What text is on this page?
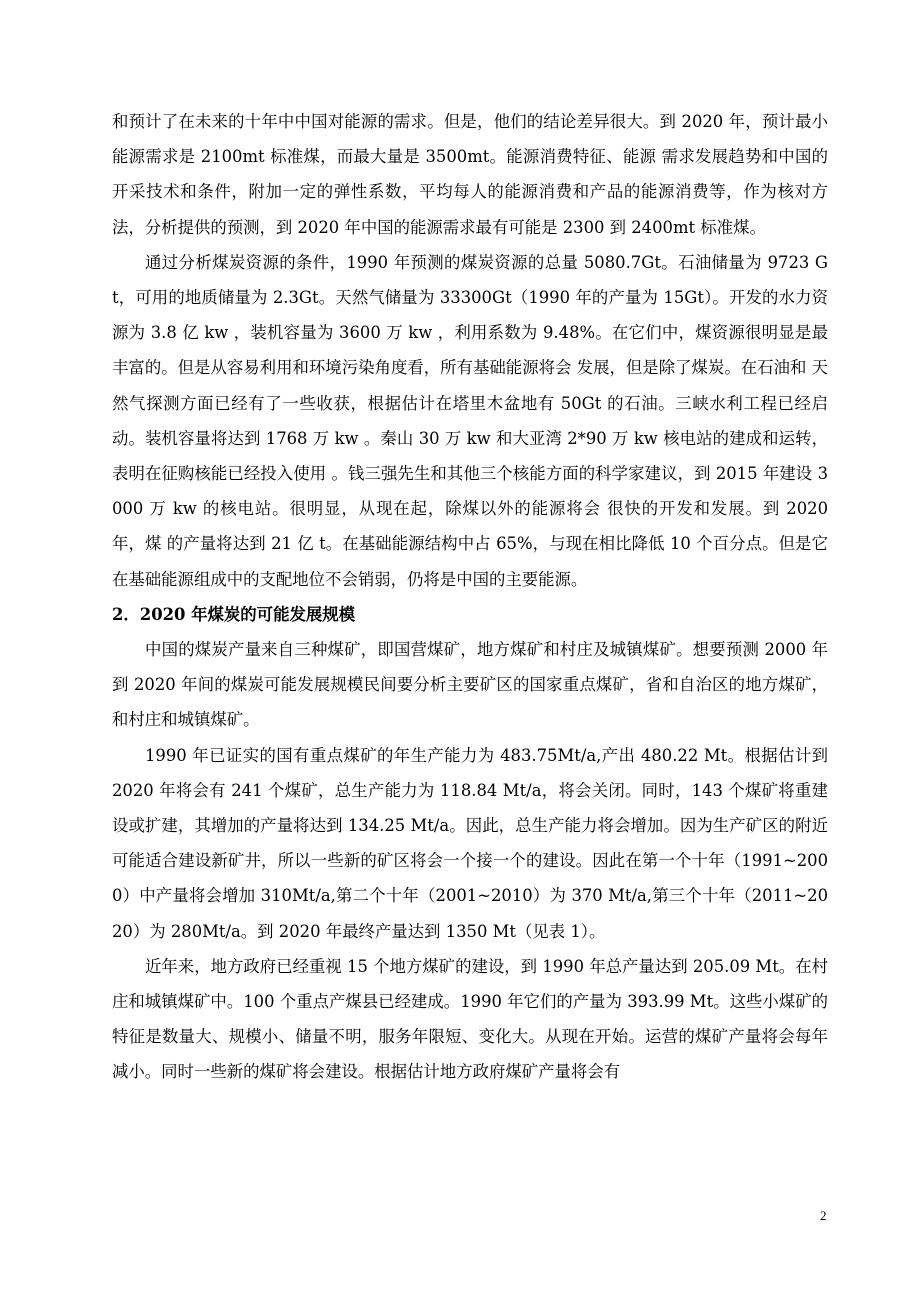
和预计了在未来的十年中中国对能源的需求。但是，他们的结论差异很大。到 2020 年，预计最小能源需求是 2100mt 标准煤，而最大量是 3500mt。能源消费特征、能源 需求发展趋势和中国的开采技术和条件，附加一定的弹性系数，平均每人的能源消费和产品的能源消费等，作为核对方法，分析提供的预测，到 2020 年中国的能源需求最有可能是 2300 到 2400mt 标准煤。

通过分析煤炭资源的条件，1990 年预测的煤炭资源的总量 5080.7Gt。石油储量为 9723 Gt，可用的地质储量为 2.3Gt。天然气储量为 33300Gt（1990 年的产量为 15Gt）。开发的水力资源为 3.8 亿 kw ，装机容量为 3600 万 kw ，利用系数为 9.48%。在它们中，煤资源很明显是最丰富的。但是从容易利用和环境污染角度看，所有基础能源将会 发展，但是除了煤炭。在石油和 天然气探测方面已经有了一些收获，根据估计在塔里木盆地有 50Gt 的石油。三峡水利工程已经启动。装机容量将达到 1768 万 kw 。秦山 30 万 kw 和大亚湾 2*90 万 kw 核电站的建成和运转，表明在征购核能已经投入使用 。钱三强先生和其他三个核能方面的科学家建议，到 2015 年建设 3000 万 kw 的核电站。很明显，从现在起，除煤以外的能源将会 很快的开发和发展。到 2020 年，煤 的产量将达到 21 亿 t。在基础能源结构中占 65%，与现在相比降低 10 个百分点。但是它在基础能源组成中的支配地位不会销弱，仍将是中国的主要能源。

2．2020 年煤炭的可能发展规模

中国的煤炭产量来自三种煤矿，即国营煤矿，地方煤矿和村庄及城镇煤矿。想要预测 2000 年到 2020 年间的煤炭可能发展规模民间要分析主要矿区的国家重点煤矿，省和自治区的地方煤矿，和村庄和城镇煤矿。

1990 年已证实的国有重点煤矿的年生产能力为 483.75Mt/a,产出 480.22 Mt。根据估计到 2020 年将会有 241 个煤矿，总生产能力为 118.84 Mt/a，将会关闭。同时，143 个煤矿将重建设或扩建，其增加的产量将达到 134.25 Mt/a。因此，总生产能力将会增加。因为生产矿区的附近可能适合建设新矿井，所以一些新的矿区将会一个接一个的建设。因此在第一个十年（1991~2000）中产量将会增加 310Mt/a,第二个十年（2001~2010）为 370 Mt/a,第三个十年（2011~2020）为 280Mt/a。到 2020 年最终产量达到 1350 Mt（见表 1）。

近年来，地方政府已经重视 15 个地方煤矿的建设，到 1990 年总产量达到 205.09 Mt。在村庄和城镇煤矿中。100 个重点产煤县已经建成。1990 年它们的产量为 393.99 Mt。这些小煤矿的特征是数量大、规模小、储量不明，服务年限短、变化大。从现在开始。运营的煤矿产量将会每年减小。同时一些新的煤矿将会建设。根据估计地方政府煤矿产量将会有

2
